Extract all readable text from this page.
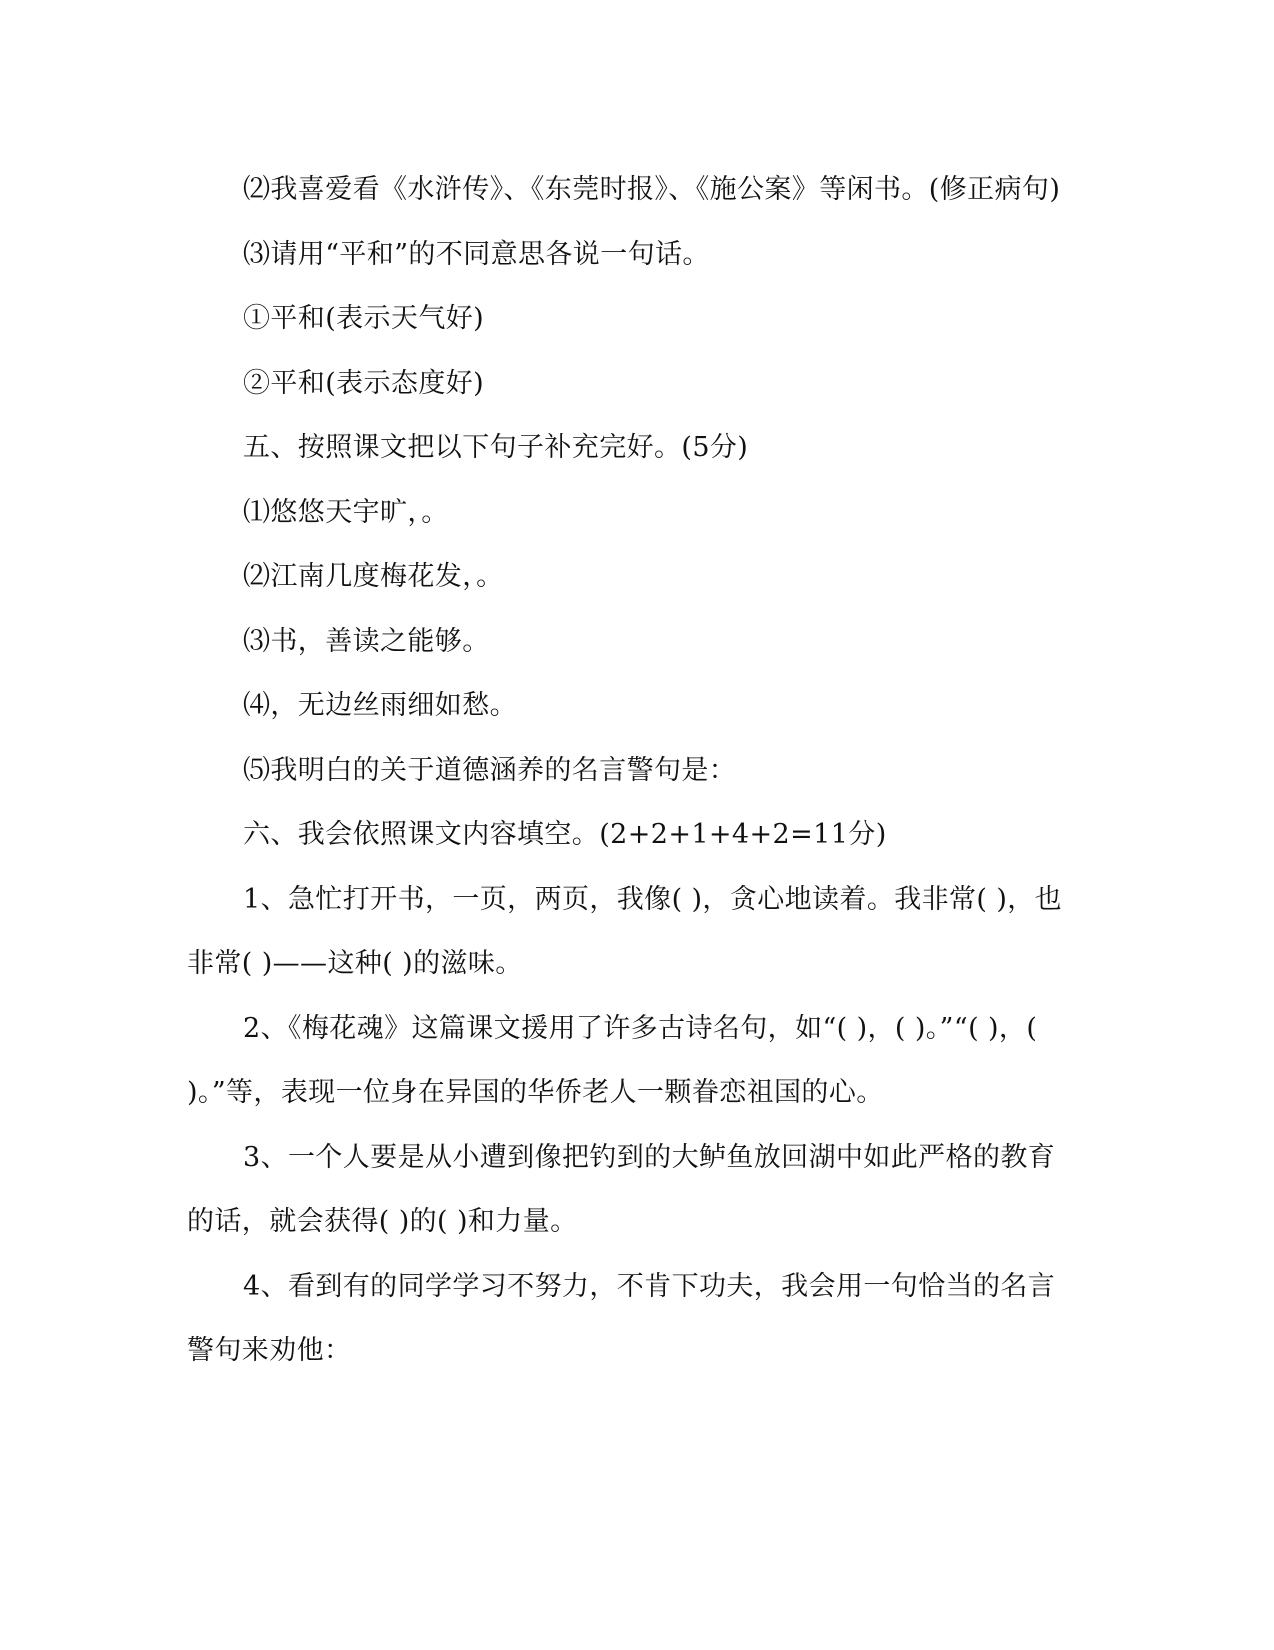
⑵我喜爱看《水浒传》、《东莞时报》、《施公案》等闲书。(修正病句)

⑶请用“平和”的不同意思各说一句话。

①平和(表示天气好)

②平和(表示态度好)

五、按照课文把以下句子补充完好。(5分)

⑴悠悠天宇旷，。

⑵江南几度梅花发，。

⑶书，善读之能够。

⑷，无边丝雨细如愁。

⑸我明白的关于道德涵养的名言警句是：

六、我会依照课文内容填空。(2+2+1+4+2=11分)

1、急忙打开书，一页，两页，我像( )，贪心地读着。我非常( )，也非常( )——这种( )的滋味。

2、《梅花魂》这篇课文援用了许多古诗名句，如“( )，( )。”“( )，( )。”等，表现一位身在异国的华侨老人一颗眷恋祖国的心。

3、一个人要是从小遭到像把钓到的大鲈鱼放回湖中如此严格的教育的话，就会获得( )的( )和力量。

4、看到有的同学学习不努力，不肯下功夫，我会用一句恰当的名言警句来劝他：
